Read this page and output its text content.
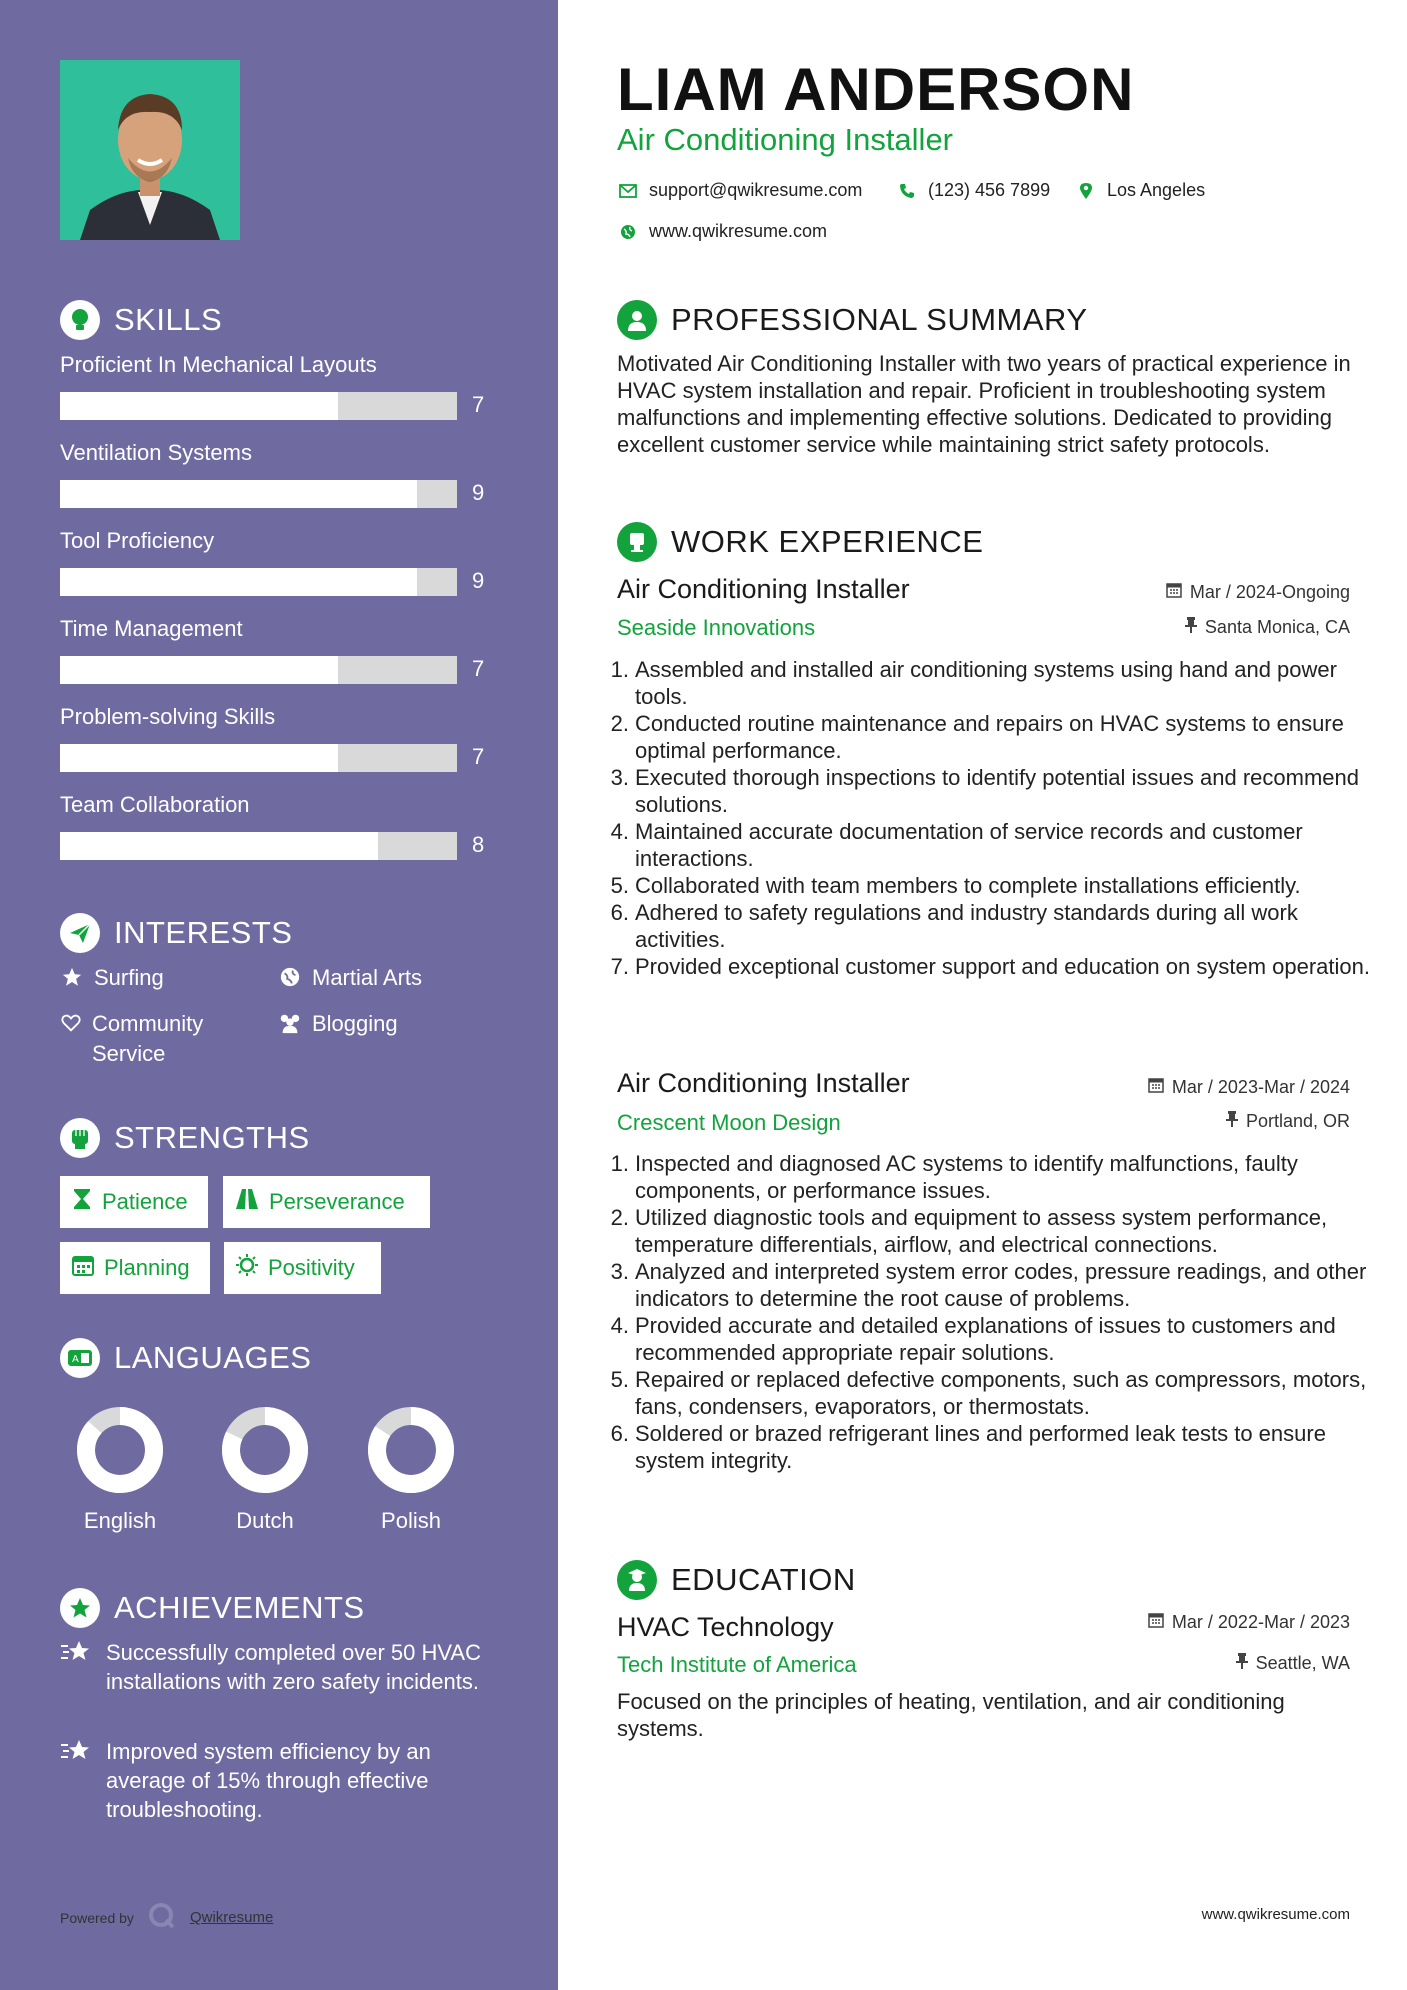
SKILLS
Proficient In Mechanical Layouts
7
Ventilation Systems
9
Tool Proficiency
9
Time Management
7
Problem-solving Skills
7
Team Collaboration
8
INTERESTS
Surfing	Martial Arts
Community Service
Blogging
STRENGTHS
Patience	Perseverance
Planning	Positivity
A LANGUAGES
English	Dutch	Polish
ACHIEVEMENTS
Successfully completed over 50 HVAC installations with zero safety incidents.
Improved system efficiency by an average of 15% through effective troubleshooting.
Powered by	Qwikresume
LIAM ANDERSON
Air Conditioning Installer
support@qwikresume.com	(123) 456 7899	Los Angeles
www.qwikresume.com
PROFESSIONAL SUMMARY
Motivated Air Conditioning Installer with two years of practical experience in HVAC system installation and repair. Proficient in troubleshooting system malfunctions and implementing effective solutions. Dedicated to providing excellent customer service while maintaining strict safety protocols.
WORK EXPERIENCE
Air Conditioning Installer	Mar / 2024-Ongoing
Seaside Innovations	Santa Monica, CA
1. Assembled and installed air conditioning systems using hand and power tools.
2. Conducted routine maintenance and repairs on HVAC systems to ensure optimal performance.
3. Executed thorough inspections to identify potential issues and recommend solutions.
4. Maintained accurate documentation of service records and customer interactions.
5. Collaborated with team members to complete installations efficiently.
6. Adhered to safety regulations and industry standards during all work activities.
7. Provided exceptional customer support and education on system operation.
Air Conditioning Installer	Mar / 2023-Mar / 2024
Crescent Moon Design	Portland, OR
1. Inspected and diagnosed AC systems to identify malfunctions, faulty components, or performance issues.
2. Utilized diagnostic tools and equipment to assess system performance, temperature differentials, airflow, and electrical connections.
3. Analyzed and interpreted system error codes, pressure readings, and other indicators to determine the root cause of problems.
4. Provided accurate and detailed explanations of issues to customers and recommended appropriate repair solutions.
5. Repaired or replaced defective components, such as compressors, motors, fans, condensers, evaporators, or thermostats.
6. Soldered or brazed refrigerant lines and performed leak tests to ensure system integrity.
EDUCATION
HVAC Technology	Mar / 2022-Mar / 2023
Tech Institute of America	Seattle, WA
Focused on the principles of heating, ventilation, and air conditioning systems.
www.qwikresume.com
